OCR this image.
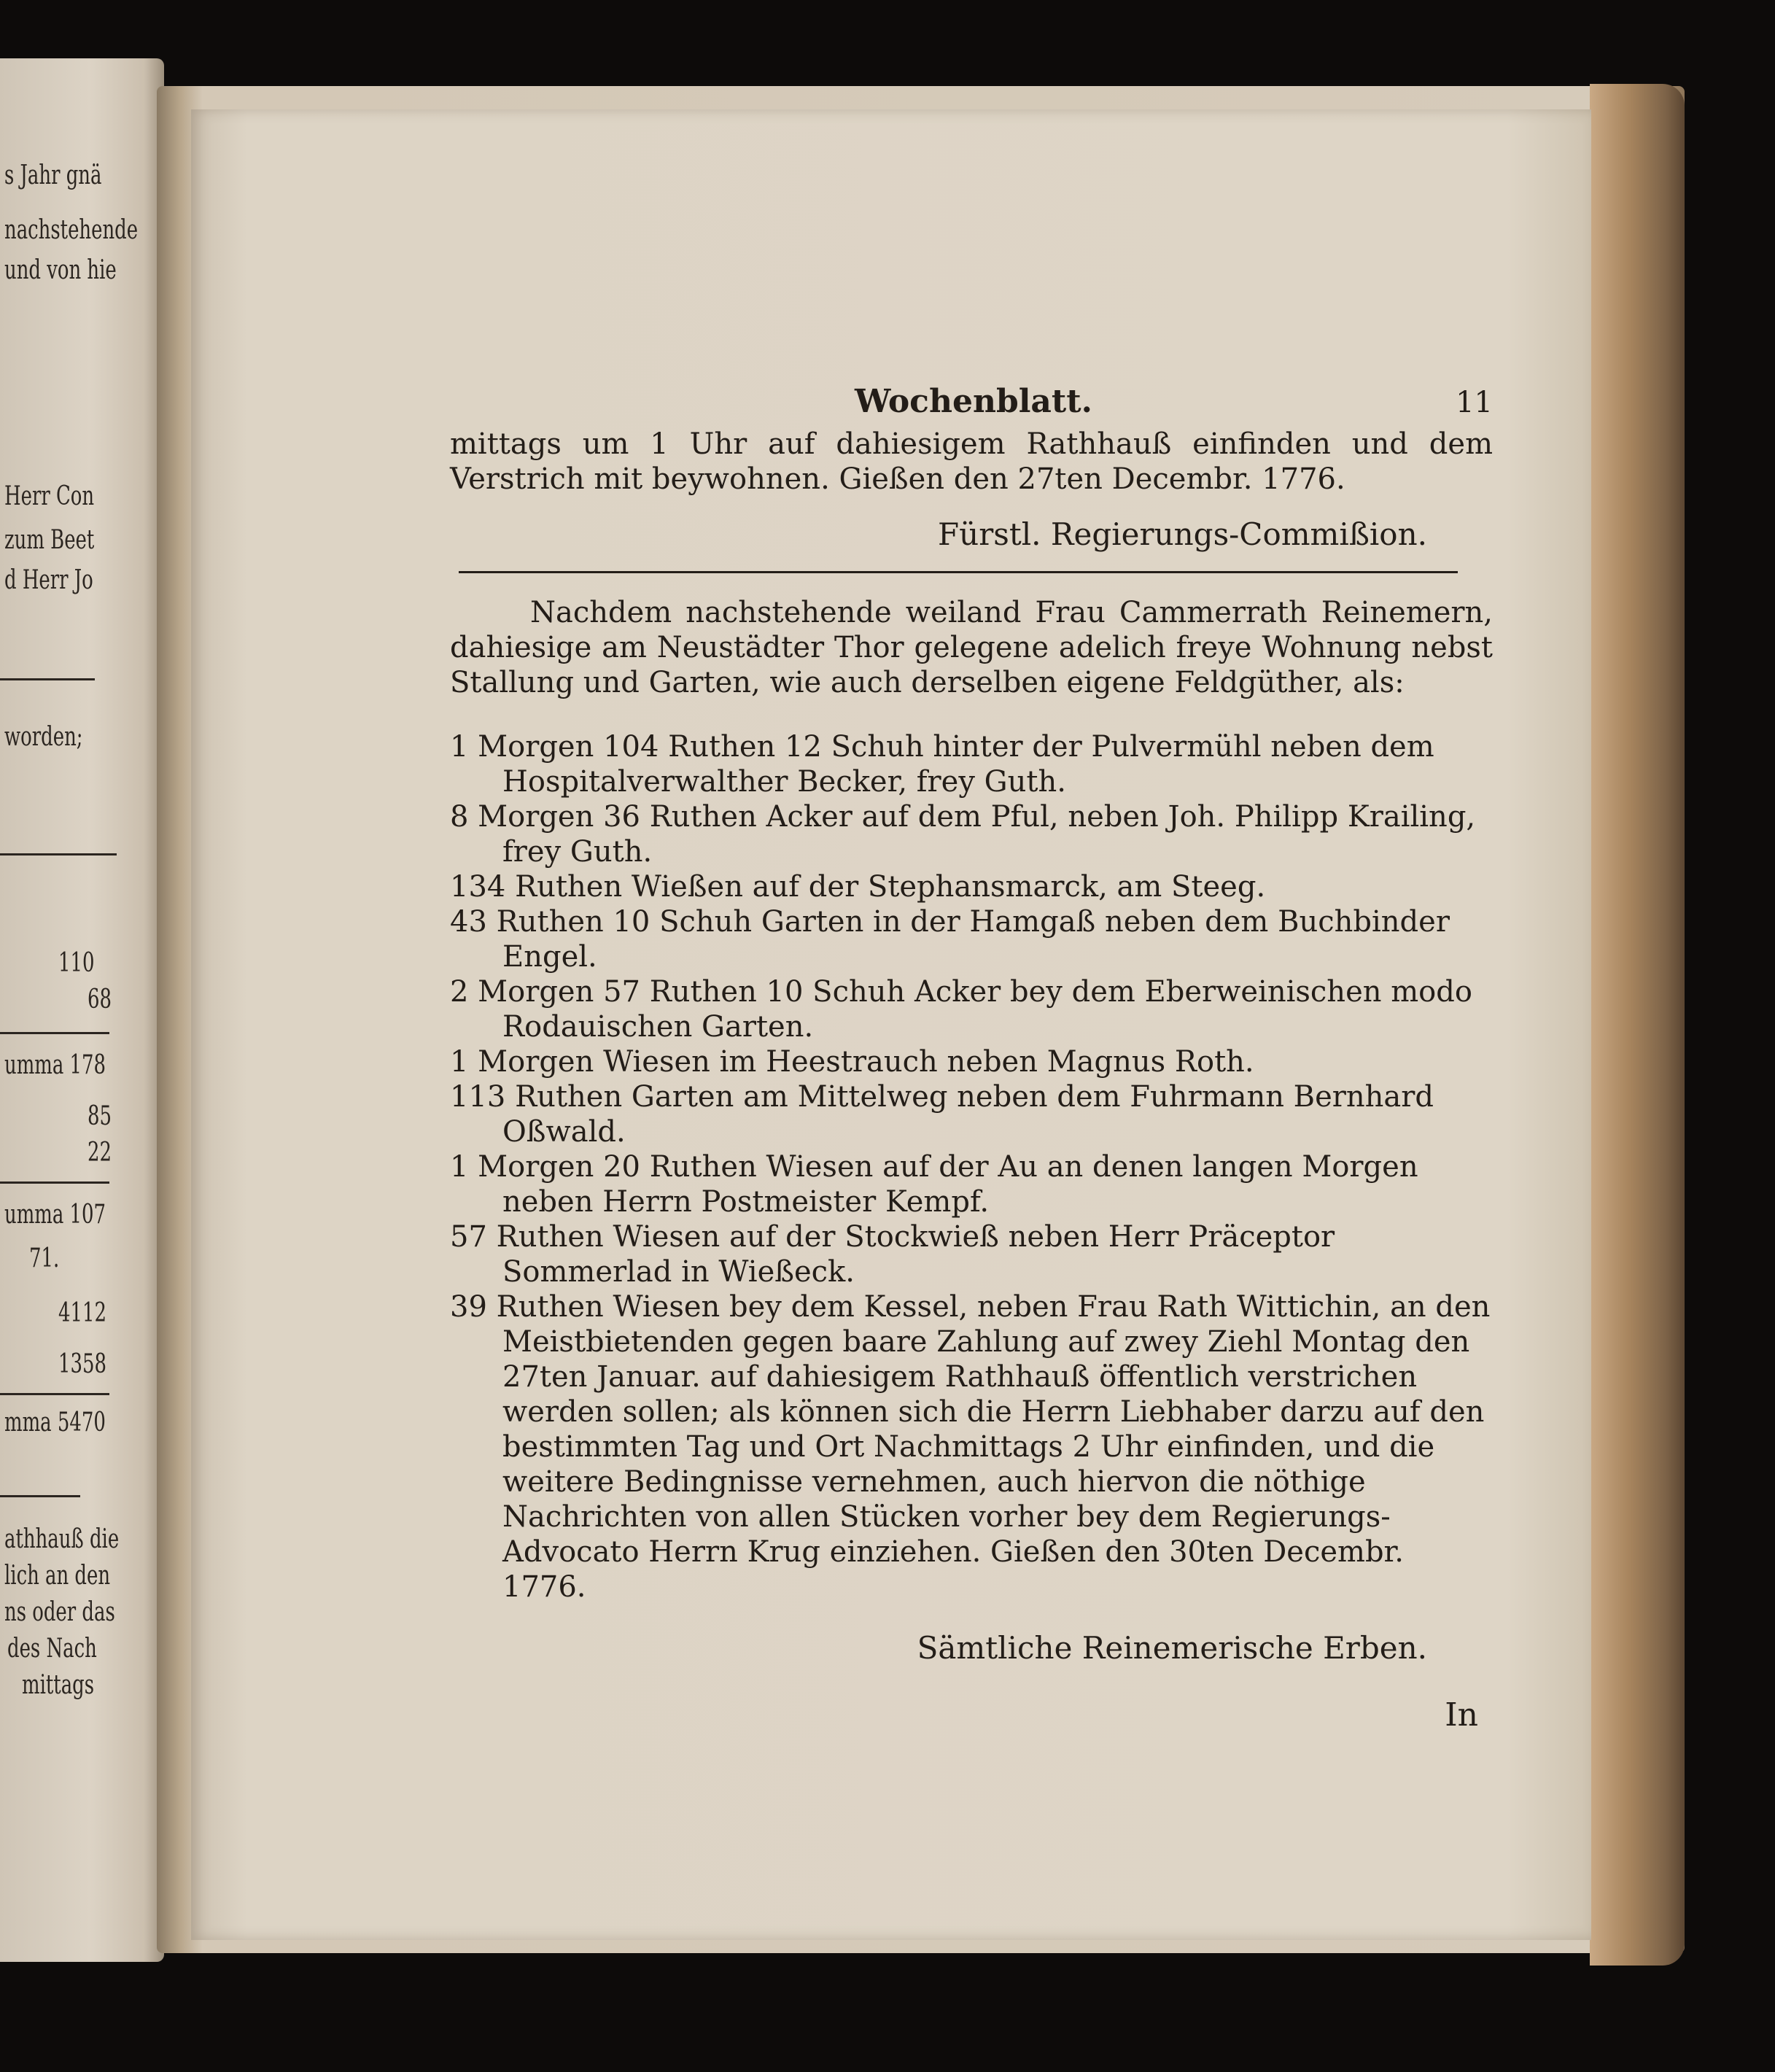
s Jahr gnä
nachstehende
und von hie
Herr Con
zum Beet
d Herr Jo
worden;
110
68
umma 178
85
22
umma 107
71.
4112
1358
mma 5470
athhauß die
lich an den
ns oder das
des Nach
mittags
Wochenblatt.	11

mittags um 1 Uhr auf dahiesigem Rathhauß einfinden und dem Verstrich mit beywohnen. Gießen den 27ten Decembr. 1776.

Fürstl. Regierungs-Commißion.

Nachdem nachstehende weiland Frau Cammerrath Reinemern, dahiesige am Neustädter Thor gelegene adelich freye Wohnung nebst Stallung und Garten, wie auch derselben eigene Feldgüther, als:

1 Morgen 104 Ruthen 12 Schuh hinter der Pulvermühl neben dem Hospitalverwalther Becker, frey Guth.

8 Morgen 36 Ruthen Acker auf dem Pful, neben Joh. Philipp Krailing, frey Guth.

134 Ruthen Wießen auf der Stephansmarck, am Steeg.

43 Ruthen 10 Schuh Garten in der Hamgaß neben dem Buchbinder Engel.

2 Morgen 57 Ruthen 10 Schuh Acker bey dem Eberweinischen modo Rodauischen Garten.

1 Morgen Wiesen im Heestrauch neben Magnus Roth.

113 Ruthen Garten am Mittelweg neben dem Fuhrmann Bernhard Oßwald.

1 Morgen 20 Ruthen Wiesen auf der Au an denen langen Morgen neben Herrn Postmeister Kempf.

57 Ruthen Wiesen auf der Stockwieß neben Herr Präceptor Sommerlad in Wießeck.

39 Ruthen Wiesen bey dem Kessel, neben Frau Rath Wittichin, an den Meistbietenden gegen baare Zahlung auf zwey Ziehl Montag den 27ten Januar. auf dahiesigem Rathhauß öffentlich verstrichen werden sollen; als können sich die Herrn Liebhaber darzu auf den bestimmten Tag und Ort Nachmittags 2 Uhr einfinden, und die weitere Bedingnisse vernehmen, auch hiervon die nöthige Nachrichten von allen Stücken vorher bey dem Regierungs-Advocato Herrn Krug einziehen. Gießen den 30ten Decembr. 1776.

Sämtliche Reinemerische Erben.

In
